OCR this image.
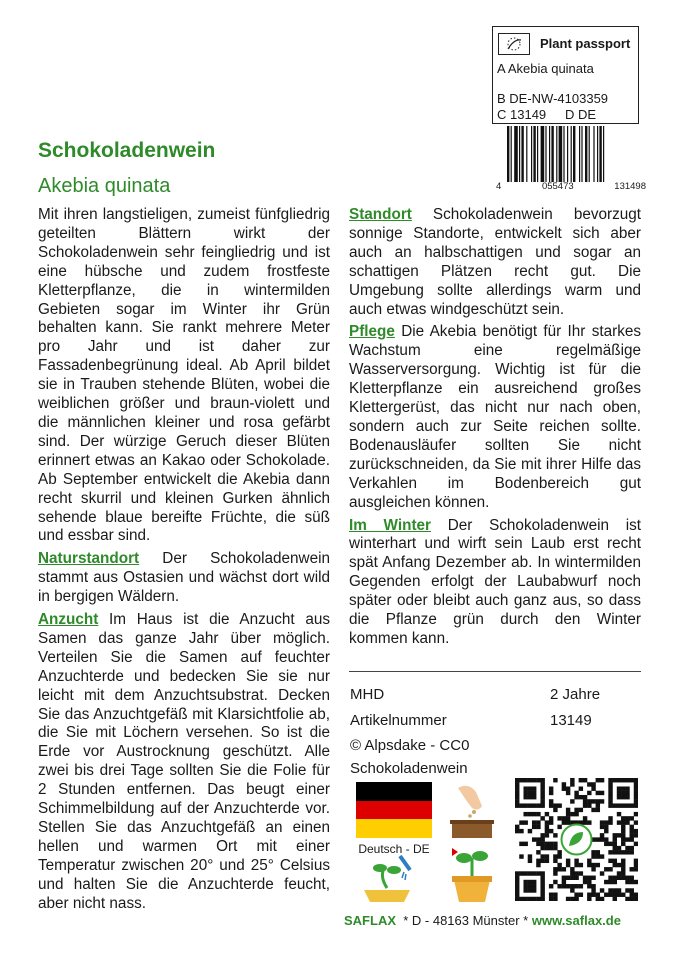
Plant passport
A Akebia quinata
B DE-NW-4103359
C 13149 D DE
4	055473	131498
Schokoladenwein
Akebia quinata

Mit ihren langstieligen, zumeist fünfgliedrig geteilten Blättern wirkt der Schokoladenwein sehr feingliedrig und ist eine hübsche und zudem frostfeste Kletterpflanze, die in wintermilden Gebieten sogar im Winter ihr Grün behalten kann. Sie rankt mehrere Meter pro Jahr und ist daher zur Fassadenbegrünung ideal. Ab April bildet sie in Trauben stehende Blüten, wobei die weiblichen größer und braun-violett und die männlichen kleiner und rosa gefärbt sind. Der würzige Geruch dieser Blüten erinnert etwas an Kakao oder Schokolade. Ab September entwickelt die Akebia dann recht skurril und kleinen Gurken ähnlich sehende blaue bereifte Früchte, die süß und essbar sind.

Naturstandort Der Schokoladenwein stammt aus Ostasien und wächst dort wild in bergigen Wäldern.

Anzucht Im Haus ist die Anzucht aus Samen das ganze Jahr über möglich. Verteilen Sie die Samen auf feuchter Anzuchterde und bedecken Sie sie nur leicht mit dem Anzuchtsubstrat. Decken Sie das Anzuchtgefäß mit Klarsichtfolie ab, die Sie mit Löchern versehen. So ist die Erde vor Austrocknung geschützt. Alle zwei bis drei Tage sollten Sie die Folie für 2 Stunden entfernen. Das beugt einer Schimmelbildung auf der Anzuchterde vor. Stellen Sie das Anzuchtgefäß an einen hellen und warmen Ort mit einer Temperatur zwischen 20° und 25° Celsius und halten Sie die Anzuchterde feucht, aber nicht nass.

Standort Schokoladenwein bevorzugt sonnige Standorte, entwickelt sich aber auch an halbschattigen und sogar an schattigen Plätzen recht gut. Die Umgebung sollte allerdings warm und auch etwas windgeschützt sein.

Pflege Die Akebia benötigt für Ihr starkes Wachstum eine regelmäßige Wasserversorgung. Wichtig ist für die Kletterpflanze ein ausreichend großes Klettergerüst, das nicht nur nach oben, sondern auch zur Seite reichen sollte. Bodenausläufer sollten Sie nicht zurückschneiden, da Sie mit ihrer Hilfe das Verkahlen im Bodenbereich gut ausgleichen können.

Im Winter Der Schokoladenwein ist winterhart und wirft sein Laub erst recht spät Anfang Dezember ab. In wintermilden Gegenden erfolgt der Laubabwurf noch später oder bleibt auch ganz aus, so dass die Pflanze grün durch den Winter kommen kann.

MHD	2 Jahre
Artikelnummer	13149
© Alpsdake - CC0
Schokoladenwein
Deutsch - DE
SAFLAX  * D - 48163 Münster * www.saflax.de
